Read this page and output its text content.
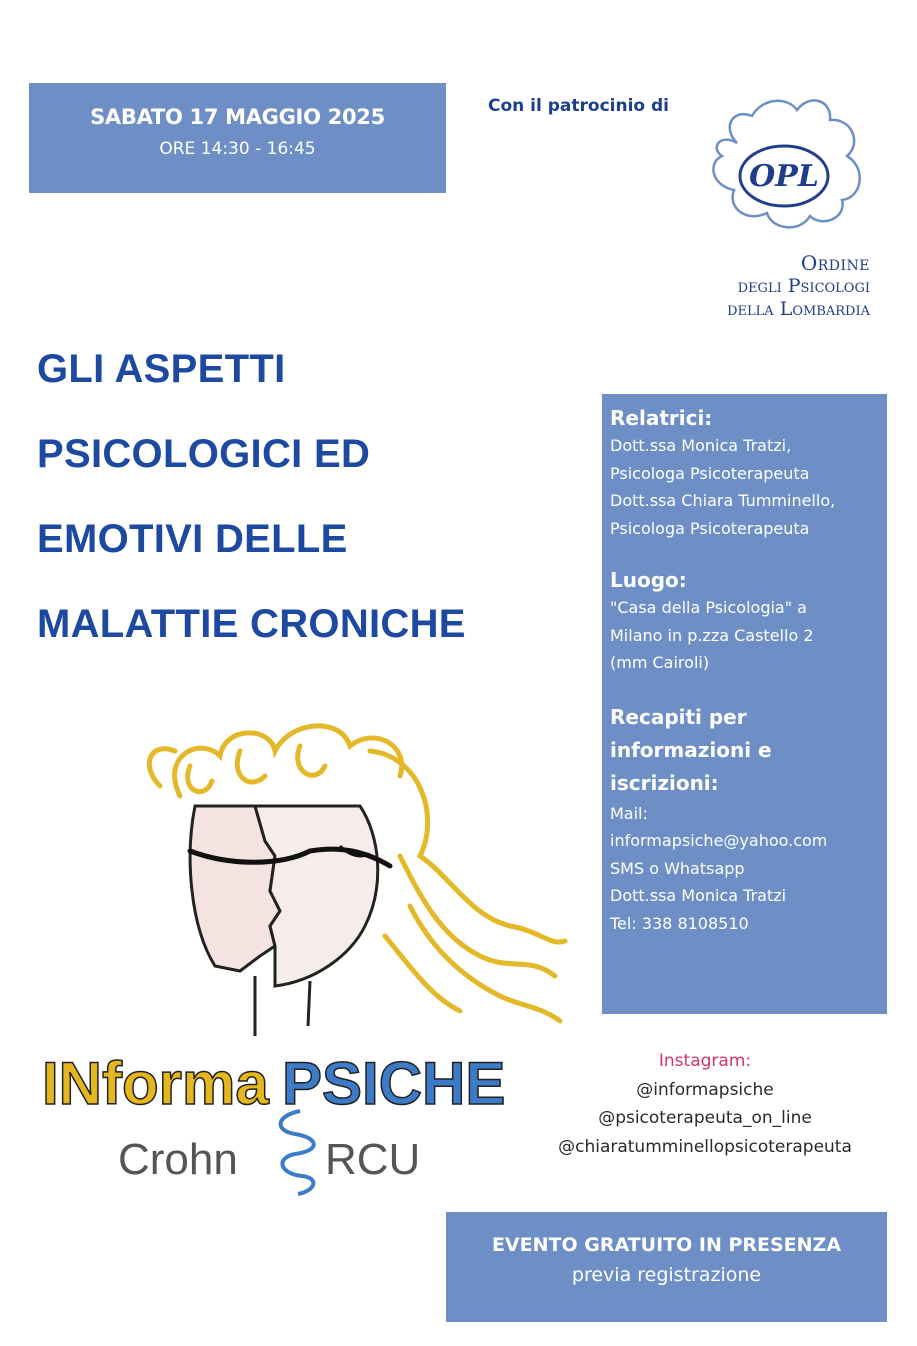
SABATO 17 MAGGIO 2025
ORE 14:30 - 16:45
Con il patrocinio di
OPL
Ordine
degli Psicologi
della Lombardia
GLI ASPETTI
PSICOLOGICI ED
EMOTIVI DELLE
MALATTIE CRONICHE
Relatrici:
Dott.ssa Monica Tratzi,
Psicologa Psicoterapeuta
Dott.ssa Chiara Tumminello,
Psicologa Psicoterapeuta
Luogo:
"Casa della Psicologia" a
Milano in p.zza Castello 2
(mm Cairoli)
Recapiti per
informazioni e
iscrizioni:
Mail:
informapsiche@yahoo.com
SMS o Whatsapp
Dott.ssa Monica Tratzi
Tel: 338 8108510
INforma PSICHE
Crohn RCU
Instagram:
@informapsiche
@psicoterapeuta_on_line
@chiaratumminellopsicoterapeuta
EVENTO GRATUITO IN PRESENZA
previa registrazione
